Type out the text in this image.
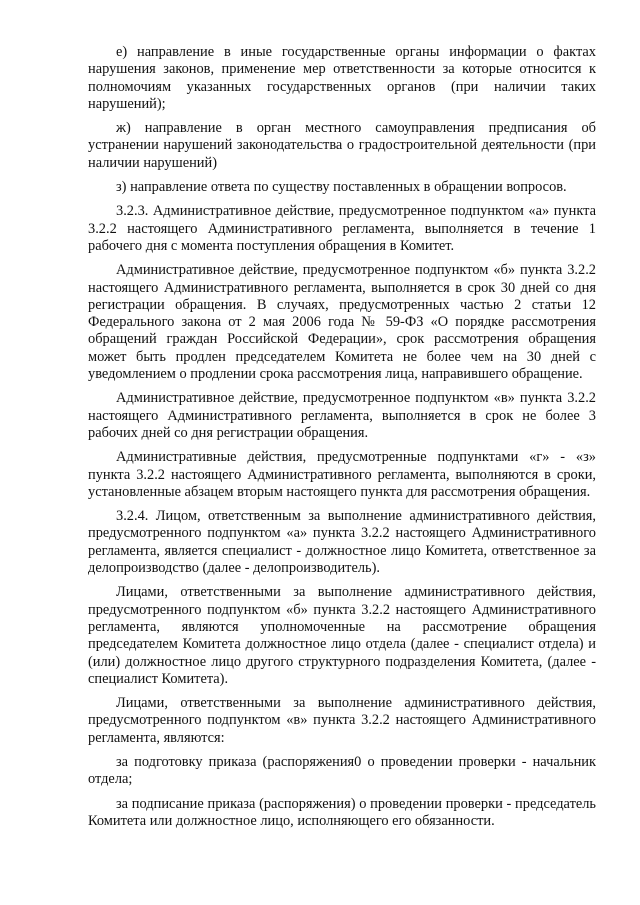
е) направление в иные государственные органы информации о фактах нарушения законов, применение мер ответственности за которые относится к полномочиям указанных государственных органов (при наличии таких нарушений);

ж) направление в орган местного самоуправления предписания об устранении нарушений законодательства о градостроительной деятельности (при наличии нарушений)

з) направление ответа по существу поставленных в обращении вопросов.

3.2.3. Административное действие, предусмотренное подпунктом «а» пункта 3.2.2 настоящего Административного регламента, выполняется в течение 1 рабочего дня с момента поступления обращения в Комитет.

Административное действие, предусмотренное подпунктом «б» пункта 3.2.2 настоящего Административного регламента, выполняется в срок 30 дней со дня регистрации обращения. В случаях, предусмотренных частью 2 статьи 12 Федерального закона от 2 мая 2006 года № 59-ФЗ «О порядке рассмотрения обращений граждан Российской Федерации», срок рассмотрения обращения может быть продлен председателем Комитета не более чем на 30 дней с уведомлением о продлении срока рассмотрения лица, направившего обращение.

Административное действие, предусмотренное подпунктом «в» пункта 3.2.2 настоящего Административного регламента, выполняется в срок не более 3 рабочих дней со дня регистрации обращения.

Административные действия, предусмотренные подпунктами «г» - «з» пункта 3.2.2 настоящего Административного регламента, выполняются в сроки, установленные абзацем вторым настоящего пункта для рассмотрения обращения.

3.2.4. Лицом, ответственным за выполнение административного действия, предусмотренного подпунктом «а» пункта 3.2.2 настоящего Административного регламента, является специалист - должностное лицо Комитета, ответственное за делопроизводство (далее - делопроизводитель).

Лицами, ответственными за выполнение административного действия, предусмотренного подпунктом «б» пункта 3.2.2 настоящего Административного регламента, являются уполномоченные на рассмотрение обращения председателем Комитета должностное лицо отдела (далее - специалист отдела) и (или) должностное лицо другого структурного подразделения Комитета, (далее - специалист Комитета).

Лицами, ответственными за выполнение административного действия, предусмотренного подпунктом «в» пункта 3.2.2 настоящего Административного регламента, являются:

за подготовку приказа (распоряжения0 о проведении проверки - начальник отдела;

за подписание приказа (распоряжения) о проведении проверки - председатель Комитета или должностное лицо, исполняющего его обязанности.
